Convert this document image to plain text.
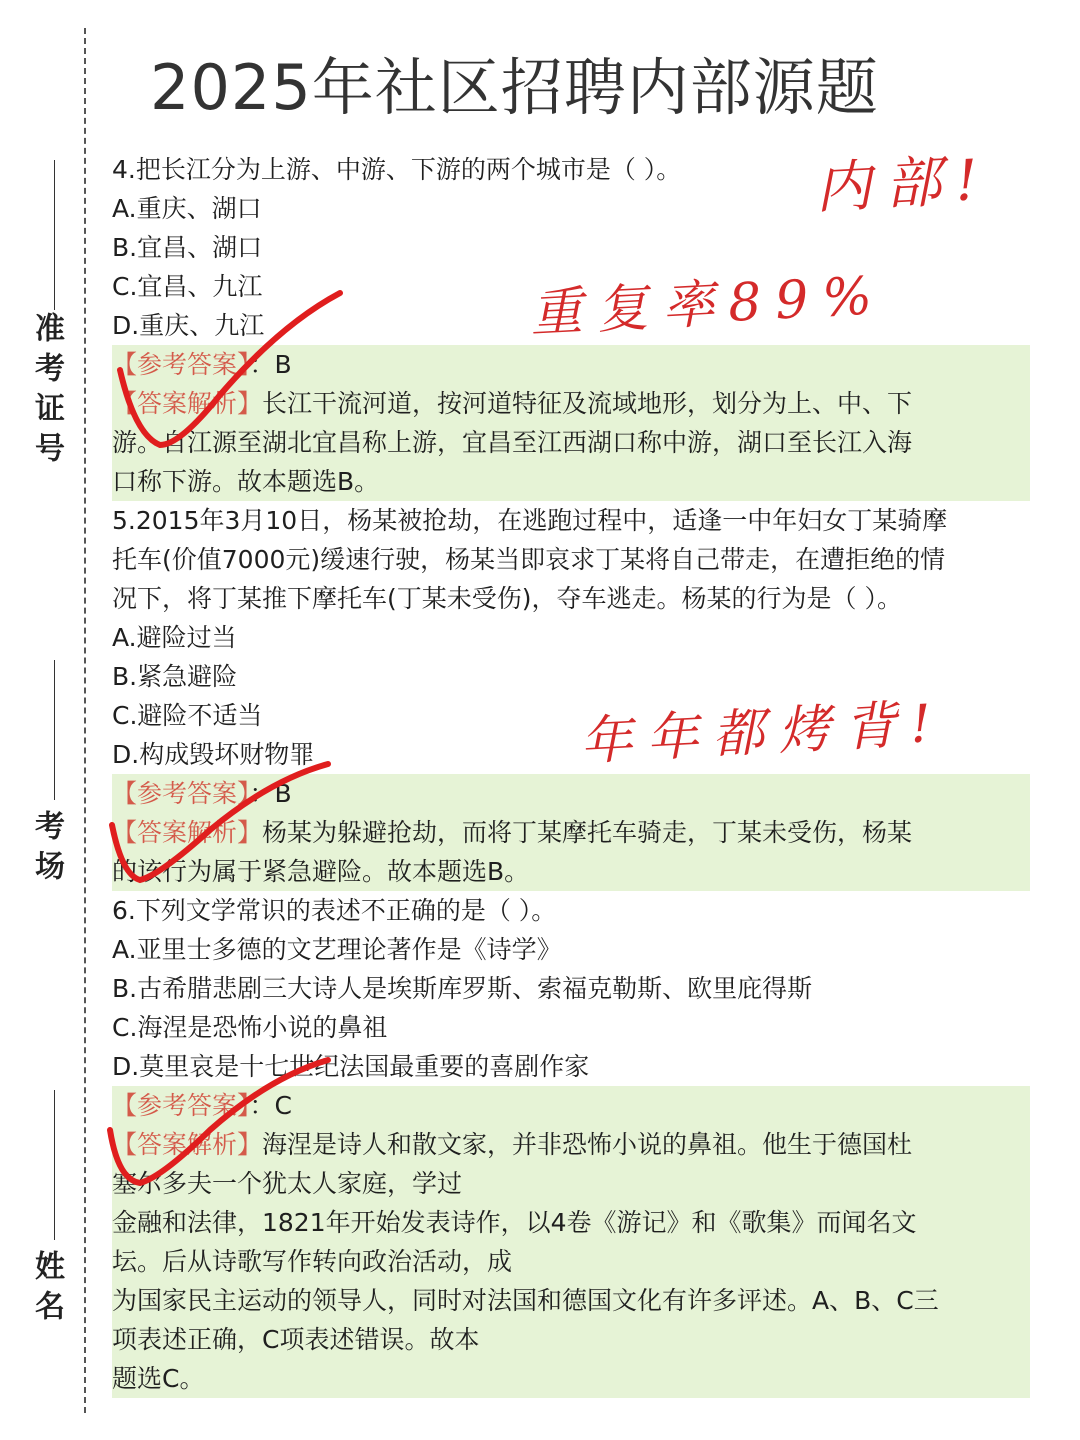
准考证号
考场
姓名
2025年社区招聘内部源题
4.把长江分为上游、中游、下游的两个城市是（ ）。
A.重庆、湖口
B.宜昌、湖口
C.宜昌、九江
D.重庆、九江
【参考答案】：B
【答案解析】长江干流河道，按河道特征及流域地形，划分为上、中、下
游。自江源至湖北宜昌称上游，宜昌至江西湖口称中游，湖口至长江入海
口称下游。故本题选B。
5.2015年3月10日，杨某被抢劫，在逃跑过程中，适逢一中年妇女丁某骑摩
托车(价值7000元)缓速行驶，杨某当即哀求丁某将自己带走，在遭拒绝的情
况下，将丁某推下摩托车(丁某未受伤)，夺车逃走。杨某的行为是（ ）。
A.避险过当
B.紧急避险
C.避险不适当
D.构成毁坏财物罪
【参考答案】：B
【答案解析】杨某为躲避抢劫，而将丁某摩托车骑走，丁某未受伤，杨某
的该行为属于紧急避险。故本题选B。
6.下列文学常识的表述不正确的是（ ）。
A.亚里士多德的文艺理论著作是《诗学》
B.古希腊悲剧三大诗人是埃斯库罗斯、索福克勒斯、欧里庇得斯
C.海涅是恐怖小说的鼻祖
D.莫里哀是十七世纪法国最重要的喜剧作家
【参考答案】：C
【答案解析】海涅是诗人和散文家，并非恐怖小说的鼻祖。他生于德国杜
塞尔多夫一个犹太人家庭，学过
金融和法律，1821年开始发表诗作，以4卷《游记》和《歌集》而闻名文
坛。后从诗歌写作转向政治活动，成
为国家民主运动的领导人，同时对法国和德国文化有许多评述。A、B、C三
项表述正确，C项表述错误。故本
题选C。
内部!
重复率89%
年年都烤背!
